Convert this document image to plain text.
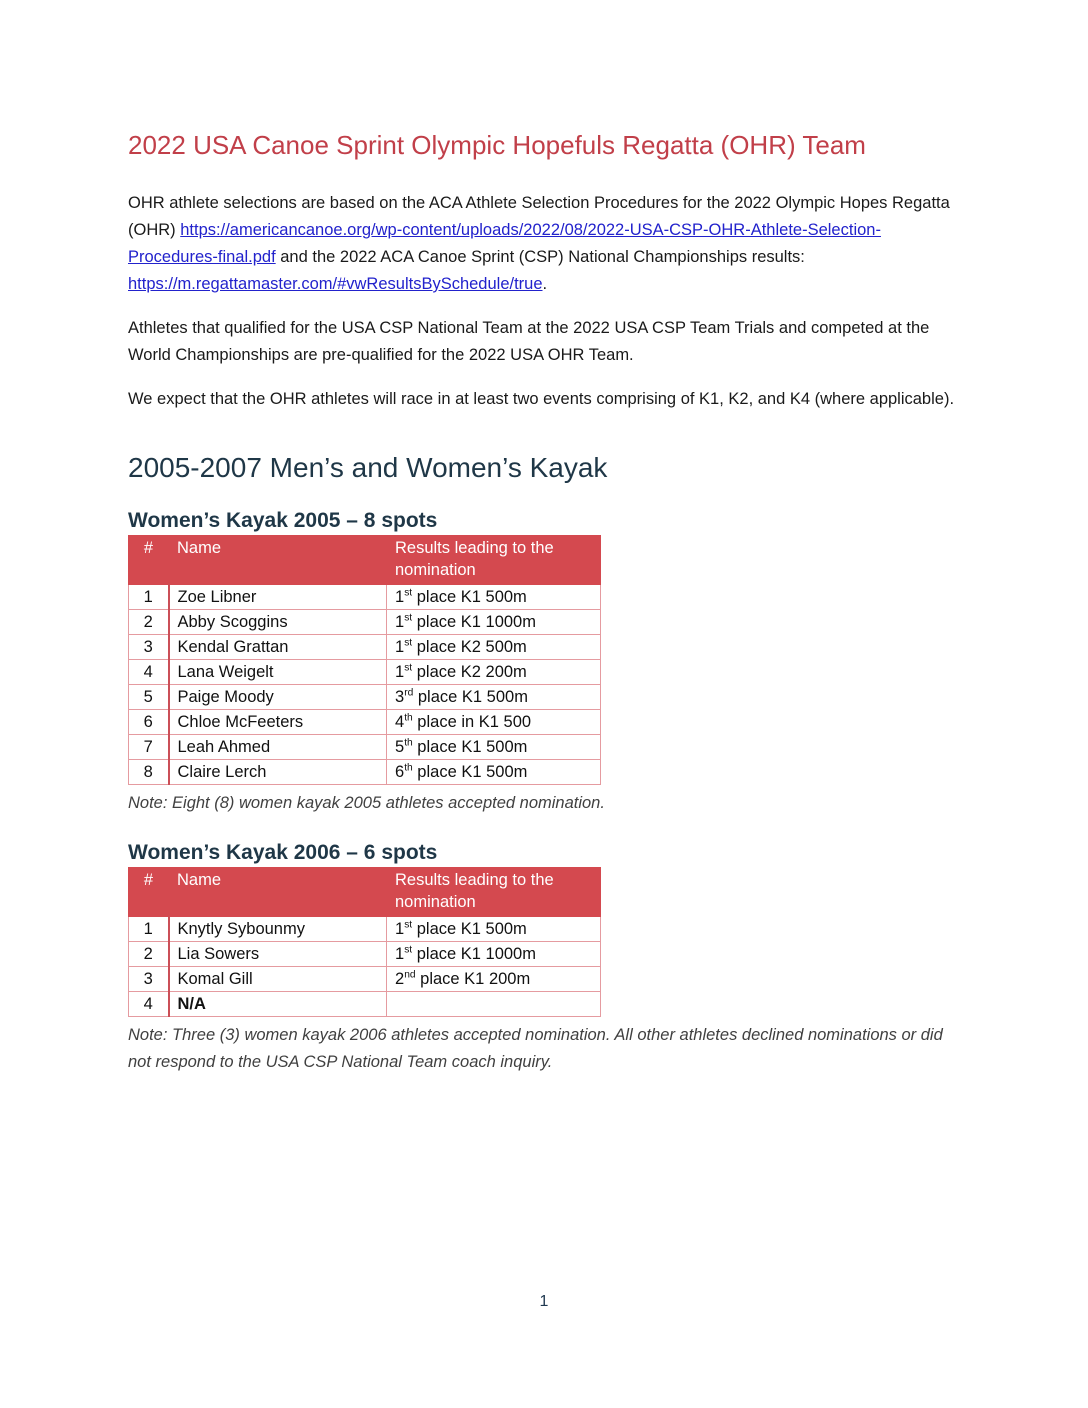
2022 USA Canoe Sprint Olympic Hopefuls Regatta (OHR) Team

OHR athlete selections are based on the ACA Athlete Selection Procedures for the 2022 Olympic Hopes Regatta (OHR) https://americancanoe.org/wp-content/uploads/2022/08/2022-USA-CSP-OHR-Athlete-Selection-Procedures-final.pdf and the 2022 ACA Canoe Sprint (CSP) National Championships results: https://m.regattamaster.com/#vwResultsBySchedule/true.

Athletes that qualified for the USA CSP National Team at the 2022 USA CSP Team Trials and competed at the World Championships are pre-qualified for the 2022 USA OHR Team.

We expect that the OHR athletes will race in at least two events comprising of K1, K2, and K4 (where applicable).

2005-2007 Men’s and Women’s Kayak
Women’s Kayak 2005 – 8 spots
#	Name	Results leading to the nomination
1	Zoe Libner	1st place K1 500m
2	Abby Scoggins	1st place K1 1000m
3	Kendal Grattan	1st place K2 500m
4	Lana Weigelt	1st place K2 200m
5	Paige Moody	3rd place K1 500m
6	Chloe McFeeters	4th place in K1 500
7	Leah Ahmed	5th place K1 500m
8	Claire Lerch	6th place K1 500m

Note: Eight (8) women kayak 2005 athletes accepted nomination.

Women’s Kayak 2006 – 6 spots
#	Name	Results leading to the nomination
1	Knytly Sybounmy	1st place K1 500m
2	Lia Sowers	1st place K1 1000m
3	Komal Gill	2nd place K1 200m
4	N/A	

Note: Three (3) women kayak 2006 athletes accepted nomination. All other athletes declined nominations or did not respond to the USA CSP National Team coach inquiry.

1
